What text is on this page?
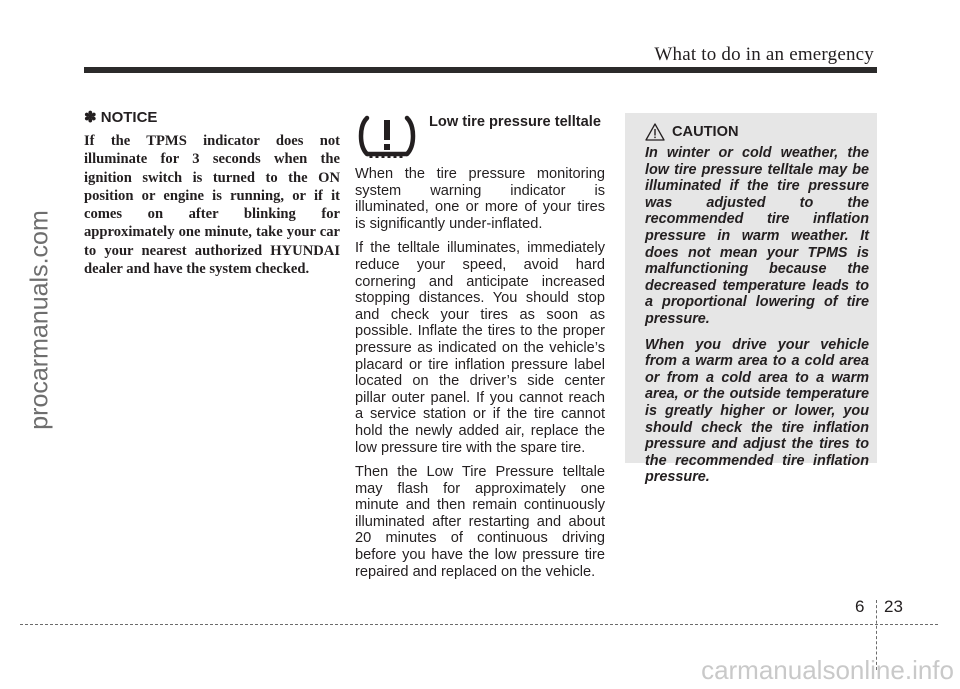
What to do in an emergency
procarmanuals.com
✽ NOTICE

If the TPMS indicator does not illuminate for 3 seconds when the ignition switch is turned to the ON position or engine is running, or if it comes on after blinking for approximately one minute, take your car to your nearest authorized HYUNDAI dealer and have the system checked.

Low tire pressure telltale

When the tire pressure monitoring system warning indicator is illuminated, one or more of your tires is significantly under-inflated.

If the telltale illuminates, immediately reduce your speed, avoid hard cornering and anticipate increased stopping distances. You should stop and check your tires as soon as possible. Inflate the tires to the proper pressure as indicated on the vehicle’s placard or tire inflation pressure label located on the driver’s side center pillar outer panel. If you cannot reach a service station or if the tire cannot hold the newly added air, replace the low pressure tire with the spare tire.

Then the Low Tire Pressure telltale may flash for approximately one minute and then remain continuously illuminated after restarting and about 20 minutes of continuous driving before you have the low pressure tire repaired and replaced on the vehicle.

CAUTION

In winter or cold weather, the low tire pressure telltale may be illuminated if the tire pressure was adjusted to the recommended tire inflation pressure in warm weather. It does not mean your TPMS is malfunctioning because the decreased temperature leads to a proportional lowering of tire pressure.

When you drive your vehicle from a warm area to a cold area or from a cold area to a warm area, or the outside temperature is greatly higher or lower, you should check the tire inflation pressure and adjust the tires to the recommended tire inflation pressure.

6 23
carmanualsonline.info
